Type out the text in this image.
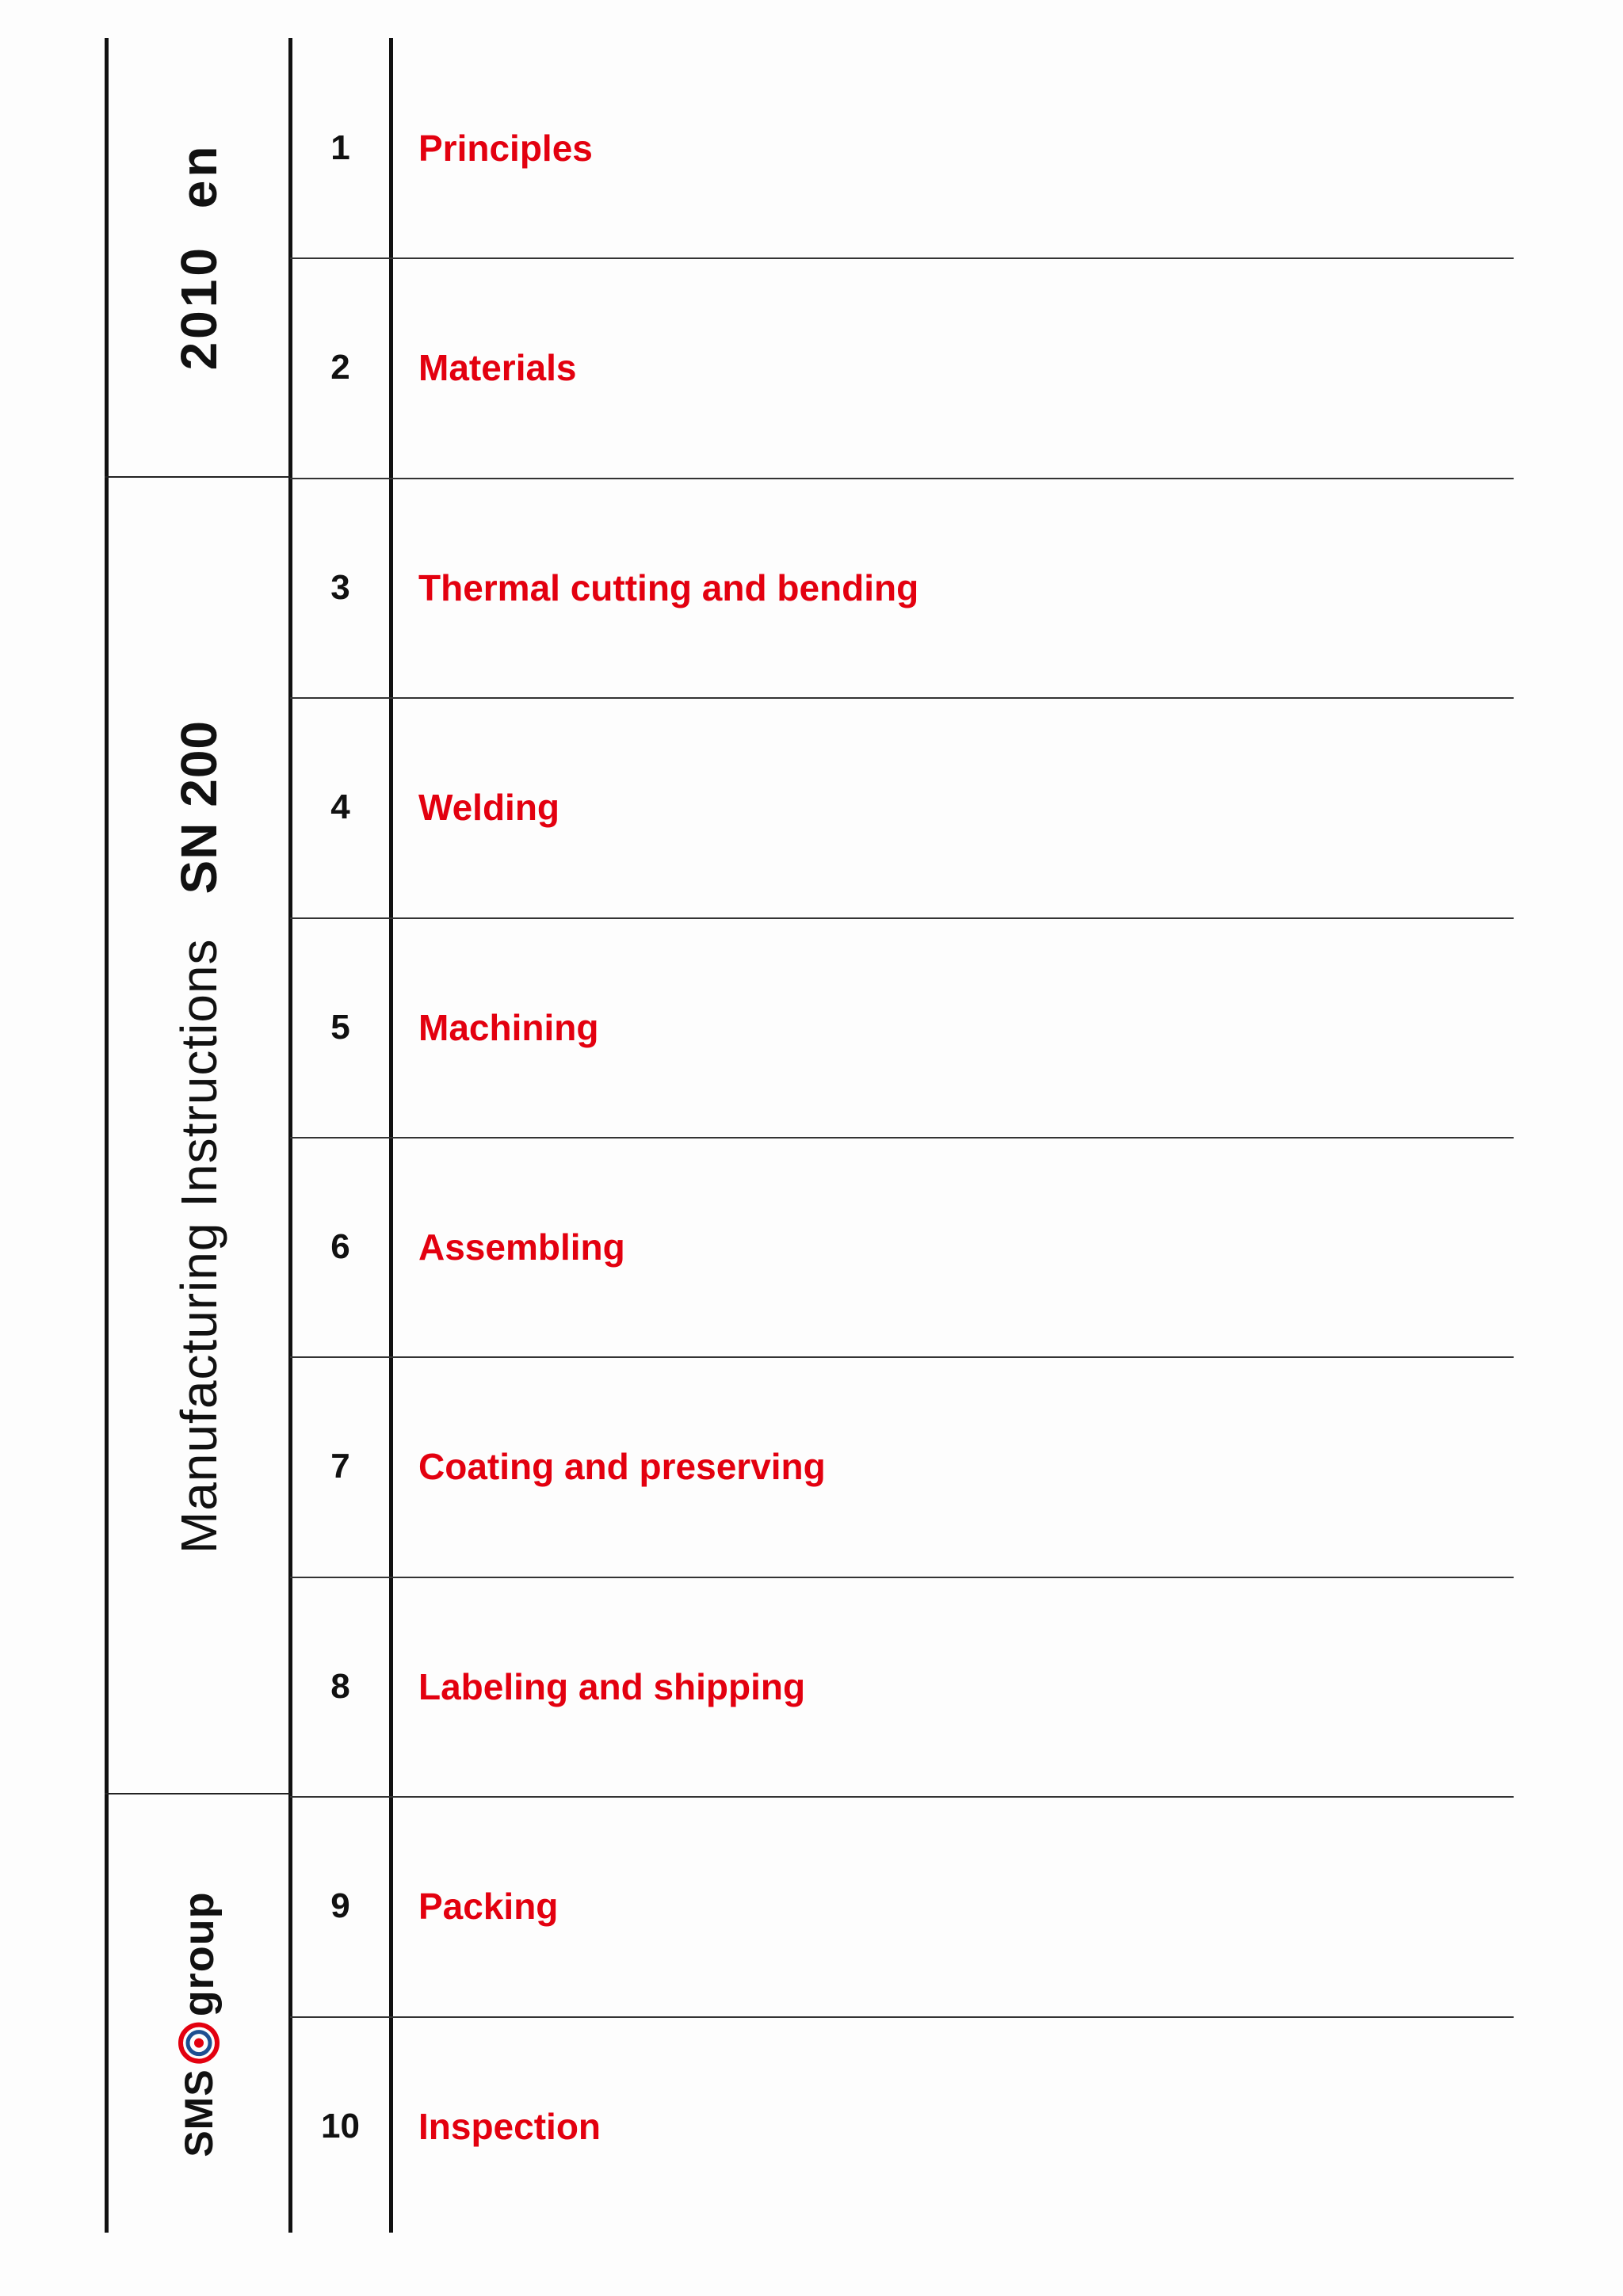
2010 en
Manufacturing Instructions
SN 200
SMS
group
1	Principles
2	Materials
3	Thermal cutting and bending
4	Welding
5	Machining
6	Assembling
7	Coating and preserving
8	Labeling and shipping
9	Packing
10	Inspection
